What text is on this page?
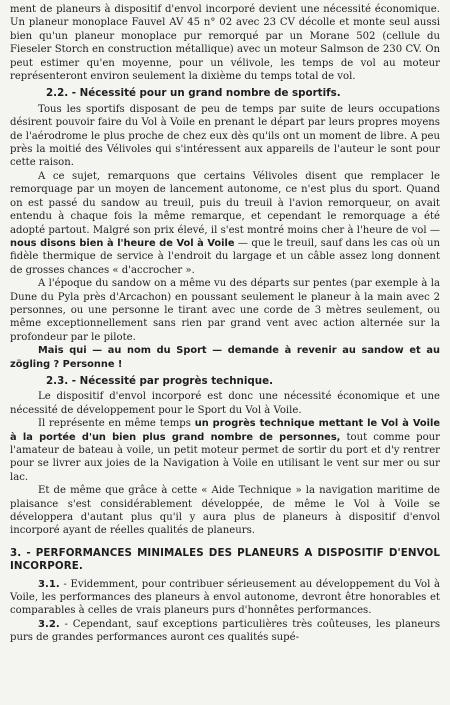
ment de planeurs à dispositif d'envol incorporé devient une nécessité économique. Un planeur monoplace Fauvel AV 45 n° 02 avec 23 CV décolle et monte seul aussi bien qu'un planeur monoplace pur remorqué par un Morane 502 (cellule du Fieseler Storch en construction métallique) avec un moteur Salmson de 230 CV. On peut estimer qu'en moyenne, pour un vélivole, les temps de vol au moteur représenteront environ seulement la dixième du temps total de vol.

2.2. - Nécessité pour un grand nombre de sportifs.

Tous les sportifs disposant de peu de temps par suite de leurs occupations désirent pouvoir faire du Vol à Voile en prenant le départ par leurs propres moyens de l'aérodrome le plus proche de chez eux dès qu'ils ont un moment de libre. A peu près la moitié des Vélivoles qui s'intéressent aux appareils de l'auteur le sont pour cette raison.

A ce sujet, remarquons que certains Vélivoles disent que remplacer le remorquage par un moyen de lancement autonome, ce n'est plus du sport. Quand on est passé du sandow au treuil, puis du treuil à l'avion remorqueur, on avait entendu à chaque fois la même remarque, et cependant le remorquage a été adopté partout. Malgré son prix élevé, il s'est montré moins cher à l'heure de vol — nous disons bien à l'heure de Vol à Voile — que le treuil, sauf dans les cas où un fidèle thermique de service à l'endroit du largage et un câble assez long donnent de grosses chances « d'accrocher ».

A l'époque du sandow on a même vu des départs sur pentes (par exemple à la Dune du Pyla près d'Arcachon) en poussant seulement le planeur à la main avec 2 personnes, ou une personne le tirant avec une corde de 3 mètres seulement, ou même exceptionnellement sans rien par grand vent avec action alternée sur la profondeur par le pilote.

Mais qui — au nom du Sport — demande à revenir au sandow et au zögling ? Personne !

2.3. - Nécessité par progrès technique.

Le dispositif d'envol incorporé est donc une nécessité économique et une nécessité de développement pour le Sport du Vol à Voile.

Il représente en même temps un progrès technique mettant le Vol à Voile à la portée d'un bien plus grand nombre de personnes, tout comme pour l'amateur de bateau à voile, un petit moteur permet de sortir du port et d'y rentrer pour se livrer aux joies de la Navigation à Voile en utilisant le vent sur mer ou sur lac.

Et de même que grâce à cette « Aide Technique » la navigation maritime de plaisance s'est considérablement développée, de même le Vol à Voile se développera d'autant plus qu'il y aura plus de planeurs à dispositif d'envol incorporé ayant de réelles qualités de planeurs.

3. - PERFORMANCES MINIMALES DES PLANEURS A DISPOSITIF D'ENVOL INCORPORE.

3.1. - Evidemment, pour contribuer sérieusement au développement du Vol à Voile, les performances des planeurs à envol autonome, devront être honorables et comparables à celles de vrais planeurs purs d'honnêtes performances.

3.2. - Cependant, sauf exceptions particulières très coûteuses, les planeurs purs de grandes performances auront ces qualités supé-
